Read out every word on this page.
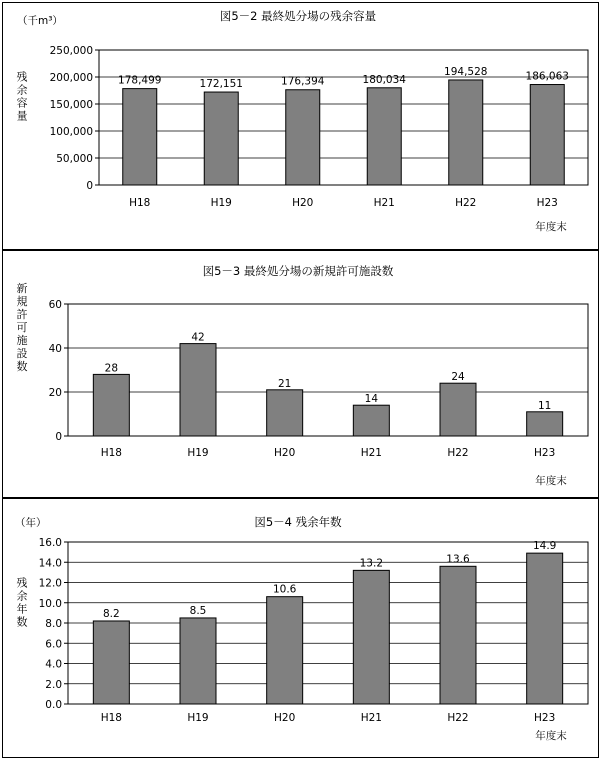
図5－2 最終処分場の残余容量
（千m³）
残余容量
年度末
0
50,000
100,000
150,000
200,000
250,000
178,499
H18
172,151
H19
176,394
H20
180,034
H21
194,528
H22
186,063
H23
図5－3 最終処分場の新規許可施設数
新規許可施設数
年度末
0
20
40
60
28
H18
42
H19
21
H20
14
H21
24
H22
11
H23
図5－4 残余年数
（年）
残余年数
年度末
0.0
2.0
4.0
6.0
8.0
10.0
12.0
14.0
16.0
8.2
H18
8.5
H19
10.6
H20
13.2
H21
13.6
H22
14.9
H23
